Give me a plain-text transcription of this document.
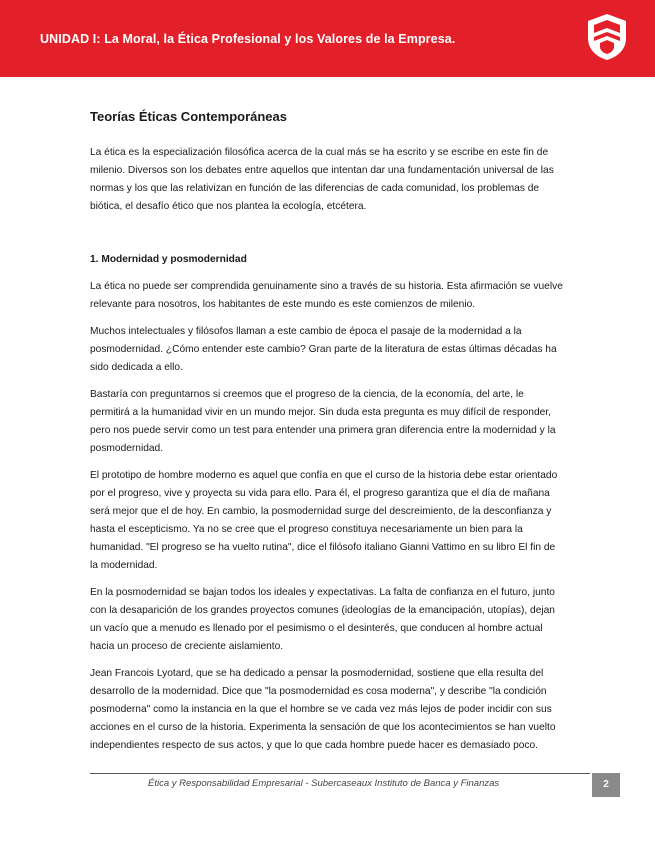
UNIDAD I: La Moral, la Ética Profesional y los Valores de la Empresa.
Teorías Éticas Contemporáneas

La ética es la especialización filosófica acerca de la cual más se ha escrito y se escribe en este fin de milenio. Diversos son los debates entre aquellos que intentan dar una fundamentación universal de las normas y los que las relativizan en función de las diferencias de cada comunidad, los problemas de biótica, el desafío ético que nos plantea la ecología, etcétera.

1. Modernidad y posmodernidad

La ética no puede ser comprendida genuinamente sino a través de su historia. Esta afirmación se vuelve relevante para nosotros, los habitantes de este mundo es este comienzos de milenio.

Muchos intelectuales y filósofos llaman a este cambio de época el pasaje de la modernidad a la posmodernidad. ¿Cómo entender este cambio? Gran parte de la literatura de estas últimas décadas ha sido dedicada a ello.

Bastaría con preguntarnos si creemos que el progreso de la ciencia, de la economía, del arte, le permitirá a la humanidad vivir en un mundo mejor. Sin duda esta pregunta es muy difícil de responder, pero nos puede servir como un test para entender una primera gran diferencia entre la modernidad y la posmodernidad.

El prototipo de hombre moderno es aquel que confía en que el curso de la historia debe estar orientado por el progreso, vive y proyecta su vida para ello. Para él, el progreso garantiza que el día de mañana será mejor que el de hoy. En cambio, la posmodernidad surge del descreimiento, de la desconfianza y hasta el escepticismo. Ya no se cree que el progreso constituya necesariamente un bien para la humanidad. "El progreso se ha vuelto rutina", dice el filósofo italiano Gianni Vattimo en su libro El fin de la modernidad.

En la posmodernidad se bajan todos los ideales y expectativas. La falta de confianza en el futuro, junto con la desaparición de los grandes proyectos comunes (ideologías de la emancipación, utopías), dejan un vacío que a menudo es llenado por el pesimismo o el desinterés, que conducen al hombre actual hacia un proceso de creciente aislamiento.

Jean Francois Lyotard, que se ha dedicado a pensar la posmodernidad, sostiene que ella resulta del desarrollo de la modernidad. Dice que "la posmodernidad es cosa moderna", y describe "la condición posmoderna" como la instancia en la que el hombre se ve cada vez más lejos de poder incidir con sus acciones en el curso de la historia. Experimenta la sensación de que los acontecimientos se han vuelto independientes respecto de sus actos, y que lo que cada hombre puede hacer es demasiado poco.

Ética y Responsabilidad Empresarial - Subercaseaux Instituto de Banca y Finanzas	2
